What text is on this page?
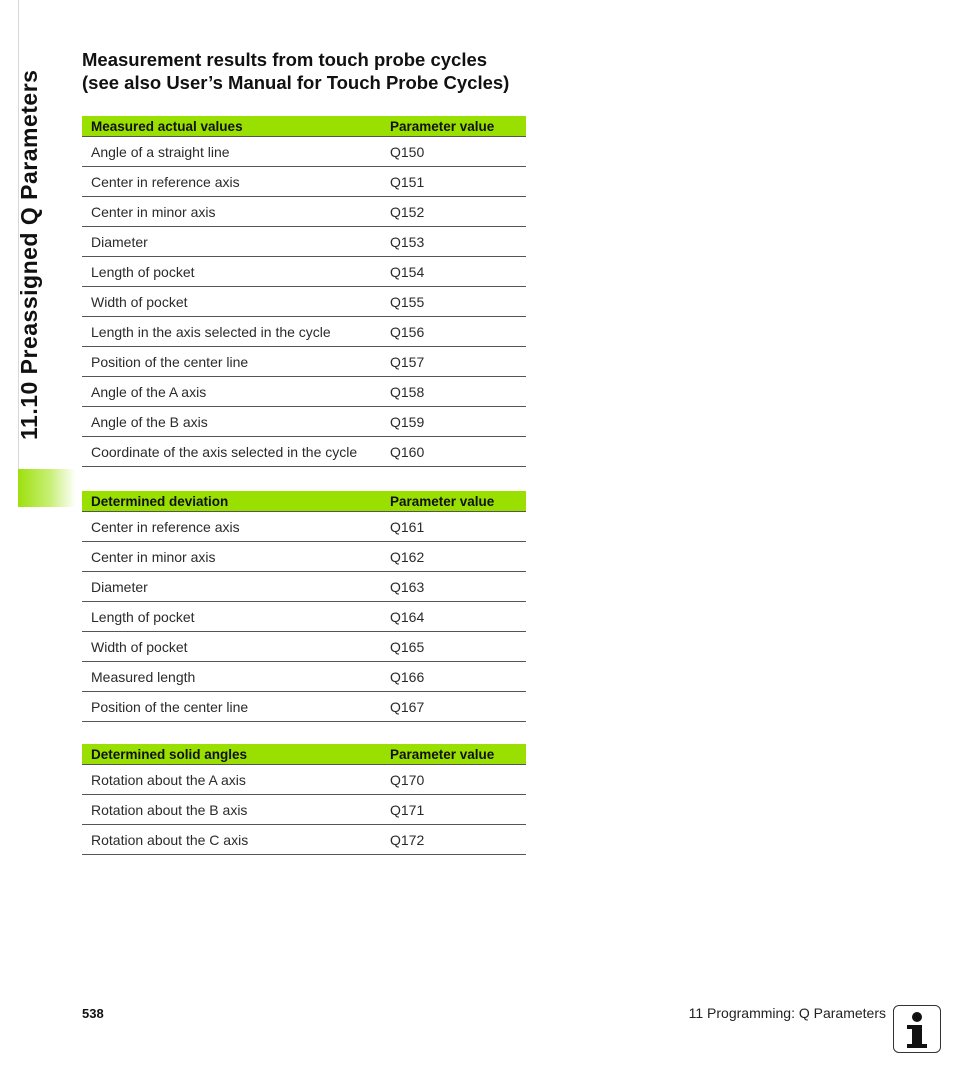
11.10 Preassigned Q Parameters
Measurement results from touch probe cycles
(see also User’s Manual for Touch Probe Cycles)
Measured actual values	Parameter value
Angle of a straight line	Q150
Center in reference axis	Q151
Center in minor axis	Q152
Diameter	Q153
Length of pocket	Q154
Width of pocket	Q155
Length in the axis selected in the cycle	Q156
Position of the center line	Q157
Angle of the A axis	Q158
Angle of the B axis	Q159
Coordinate of the axis selected in the cycle	Q160
Determined deviation	Parameter value
Center in reference axis	Q161
Center in minor axis	Q162
Diameter	Q163
Length of pocket	Q164
Width of pocket	Q165
Measured length	Q166
Position of the center line	Q167
Determined solid angles	Parameter value
Rotation about the A axis	Q170
Rotation about the B axis	Q171
Rotation about the C axis	Q172
538	11 Programming: Q Parameters
